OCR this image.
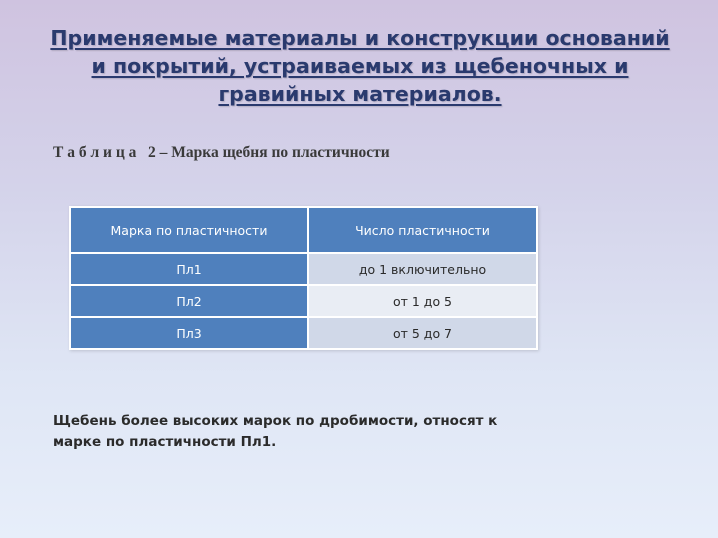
Применяемые материалы и конструкции оснований
и покрытий, устраиваемых из щебеночных и
гравийных материалов.
Т а б л и ц а   2 – Марка щебня по пластичности
Марка по пластичности	Число пластичности
Пл1	до 1 включительно
Пл2	от 1 до 5
Пл3	от 5 до 7
Щебень более высоких марок по дробимости, относят к
марке по пластичности Пл1.
